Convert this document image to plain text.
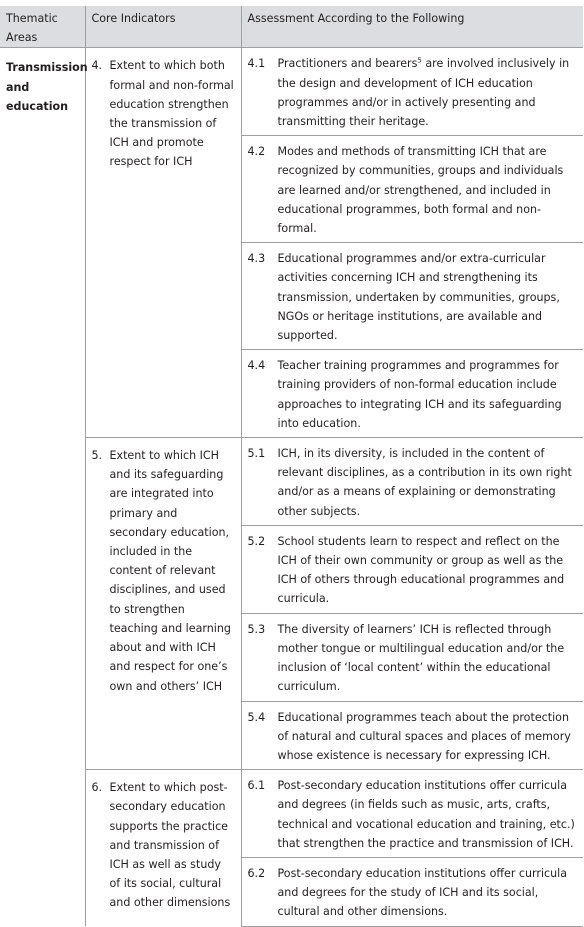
Thematic Areas	Core Indicators	Assessment According to the Following
Transmission and education	4. Extent to which both formal and non-formal education strengthen the transmission of ICH and promote respect for ICH	4.1 Practitioners and bearers$^5$ are involved inclusively in the design and development of ICH education programmes and/or in actively presenting and transmitting their heritage.

		4.2 Modes and methods of transmitting ICH that are recognized by communities, groups and individuals are learned and/or strengthened, and included in educational programmes, both formal and non-formal.

		4.3 Educational programmes and/or extra-curricular activities concerning ICH and strengthening its transmission, undertaken by communities, groups, NGOs or heritage institutions, are available and supported.

		4.4 Teacher training programmes and programmes for training providers of non-formal education include approaches to integrating ICH and its safeguarding into education.

	5. Extent to which ICH and its safeguarding are integrated into primary and secondary education, included in the content of relevant disciplines, and used to strengthen teaching and learning about and with ICH and respect for one’s own and others’ ICH	5.1 ICH, in its diversity, is included in the content of relevant disciplines, as a contribution in its own right and/or as a means of explaining or demonstrating other subjects.

		5.2 School students learn to respect and reflect on the ICH of their own community or group as well as the ICH of others through educational programmes and curricula.

		5.3 The diversity of learners’ ICH is reflected through mother tongue or multilingual education and/or the inclusion of ‘local content’ within the educational curriculum.

		5.4 Educational programmes teach about the protection of natural and cultural spaces and places of memory whose existence is necessary for expressing ICH.

	6. Extent to which post-secondary education supports the practice and transmission of ICH as well as study of its social, cultural and other dimensions	6.1 Post-secondary education institutions offer curricula and degrees (in fields such as music, arts, crafts, technical and vocational education and training, etc.) that strengthen the practice and transmission of ICH.

		6.2 Post-secondary education institutions offer curricula and degrees for the study of ICH and its social, cultural and other dimensions.
